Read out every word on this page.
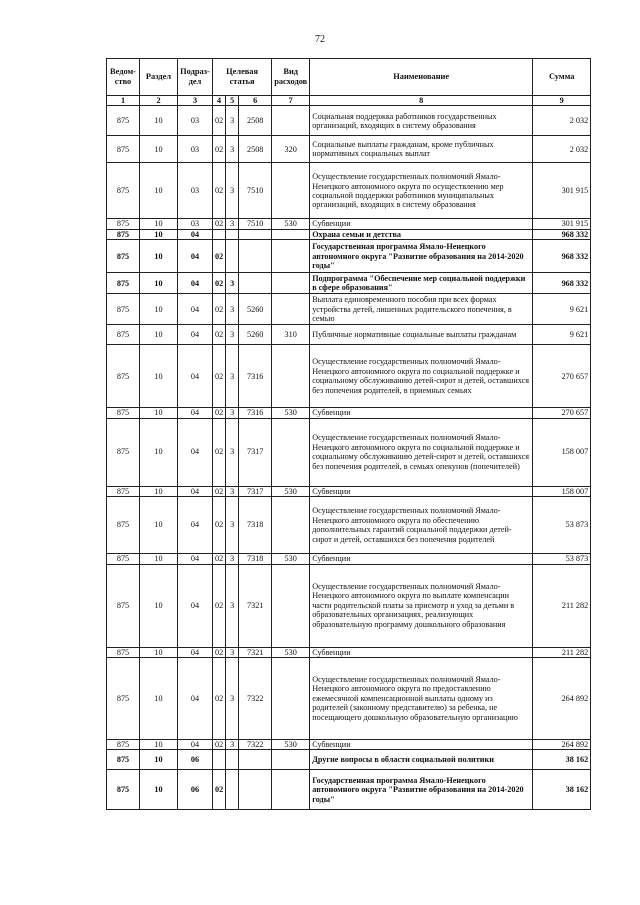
72
Ведом-ство	Раздел	Подраз-дел	Целевая статья			Вид расходов	Наименование	Сумма
1	2	3	4	5	6	7	8	9
875	10	03	02	3	2508		Социальная поддержка работников государственных организаций, входящих в систему образования	2 032
875	10	03	02	3	2508	320	Социальные выплаты гражданам, кроме публичных нормативных социальных выплат	2 032
875	10	03	02	3	7510		Осуществление государственных полномочий Ямало-Ненецкого автономного округа по осуществлению мер социальной поддержки работников муниципальных организаций, входящих в систему образования	301 915
875	10	03	02	3	7510	530	Субвенции	301 915
875	10	04					Охрана семьи и детства	968 332
875	10	04	02				Государственная программа Ямало-Ненецкого автономного округа "Развитие образования на 2014-2020 годы"	968 332
875	10	04	02	3			Подпрограмма "Обеспечение мер социальной поддержки в сфере образования"	968 332
875	10	04	02	3	5260		Выплата единовременного пособия при всех формах устройства детей, лишенных родительского попечения, в семью	9 621
875	10	04	02	3	5260	310	Публичные нормативные социальные выплаты гражданам	9 621
875	10	04	02	3	7316		Осуществление государственных полномочий Ямало-Ненецкого автономного округа по социальной поддержке и социальному обслуживанию детей-сирот и детей, оставшихся без попечения родителей, в приемных семьях	270 657
875	10	04	02	3	7316	530	Субвенции	270 657
875	10	04	02	3	7317		Осуществление государственных полномочий Ямало-Ненецкого автономного округа по социальной поддержке и социальному обслуживанию детей-сирот и детей, оставшихся без попечения родителей, в семьях опекунов (попечителей)	158 007
875	10	04	02	3	7317	530	Субвенции	158 007
875	10	04	02	3	7318		Осуществление государственных полномочий Ямало-Ненецкого автономного округа по обеспечению дополнительных гарантий социальной поддержки детей-сирот и детей, оставшихся без попечения родителей	53 873
875	10	04	02	3	7318	530	Субвенции	53 873
875	10	04	02	3	7321		Осуществление государственных полномочий Ямало-Ненецкого автономного округа по выплате компенсации части родительской платы за присмотр и уход за детьми в образовательных организациях, реализующих образовательную программу дошкольного образования	211 282
875	10	04	02	3	7321	530	Субвенции	211 282
875	10	04	02	3	7322		Осуществление государственных полномочий Ямало-Ненецкого автономного округа по предоставлению ежемесячной компенсационной выплаты одному из родителей (законному представителю) за ребенка, не посещающего дошкольную образовательную организацию	264 892
875	10	04	02	3	7322	530	Субвенции	264 892
875	10	06					Другие вопросы в области социальной политики	38 162
875	10	06	02				Государственная программа Ямало-Ненецкого автономного округа "Развитие образования на 2014-2020 годы"	38 162
